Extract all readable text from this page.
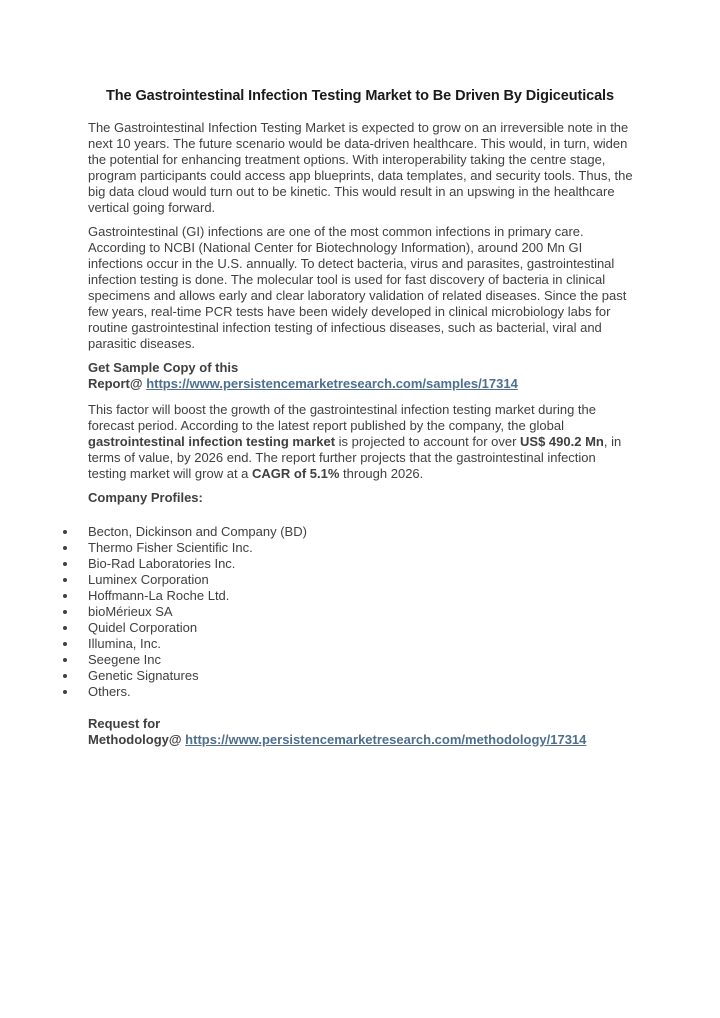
The Gastrointestinal Infection Testing Market to Be Driven By Digiceuticals
The Gastrointestinal Infection Testing Market is expected to grow on an irreversible note in the next 10 years. The future scenario would be data-driven healthcare. This would, in turn, widen the potential for enhancing treatment options. With interoperability taking the centre stage, program participants could access app blueprints, data templates, and security tools. Thus, the big data cloud would turn out to be kinetic. This would result in an upswing in the healthcare vertical going forward.
Gastrointestinal (GI) infections are one of the most common infections in primary care. According to NCBI (National Center for Biotechnology Information), around 200 Mn GI infections occur in the U.S. annually. To detect bacteria, virus and parasites, gastrointestinal infection testing is done. The molecular tool is used for fast discovery of bacteria in clinical specimens and allows early and clear laboratory validation of related diseases. Since the past few years, real-time PCR tests have been widely developed in clinical microbiology labs for routine gastrointestinal infection testing of infectious diseases, such as bacterial, viral and parasitic diseases.
Get Sample Copy of this
Report@ https://www.persistencemarketresearch.com/samples/17314
This factor will boost the growth of the gastrointestinal infection testing market during the forecast period. According to the latest report published by the company, the global gastrointestinal infection testing market is projected to account for over US$ 490.2 Mn, in terms of value, by 2026 end. The report further projects that the gastrointestinal infection testing market will grow at a CAGR of 5.1% through 2026.
Company Profiles:
Becton, Dickinson and Company (BD)
Thermo Fisher Scientific Inc.
Bio-Rad Laboratories Inc.
Luminex Corporation
Hoffmann-La Roche Ltd.
bioMérieux SA
Quidel Corporation
Illumina, Inc.
Seegene Inc
Genetic Signatures
Others.
Request for
Methodology@ https://www.persistencemarketresearch.com/methodology/17314
